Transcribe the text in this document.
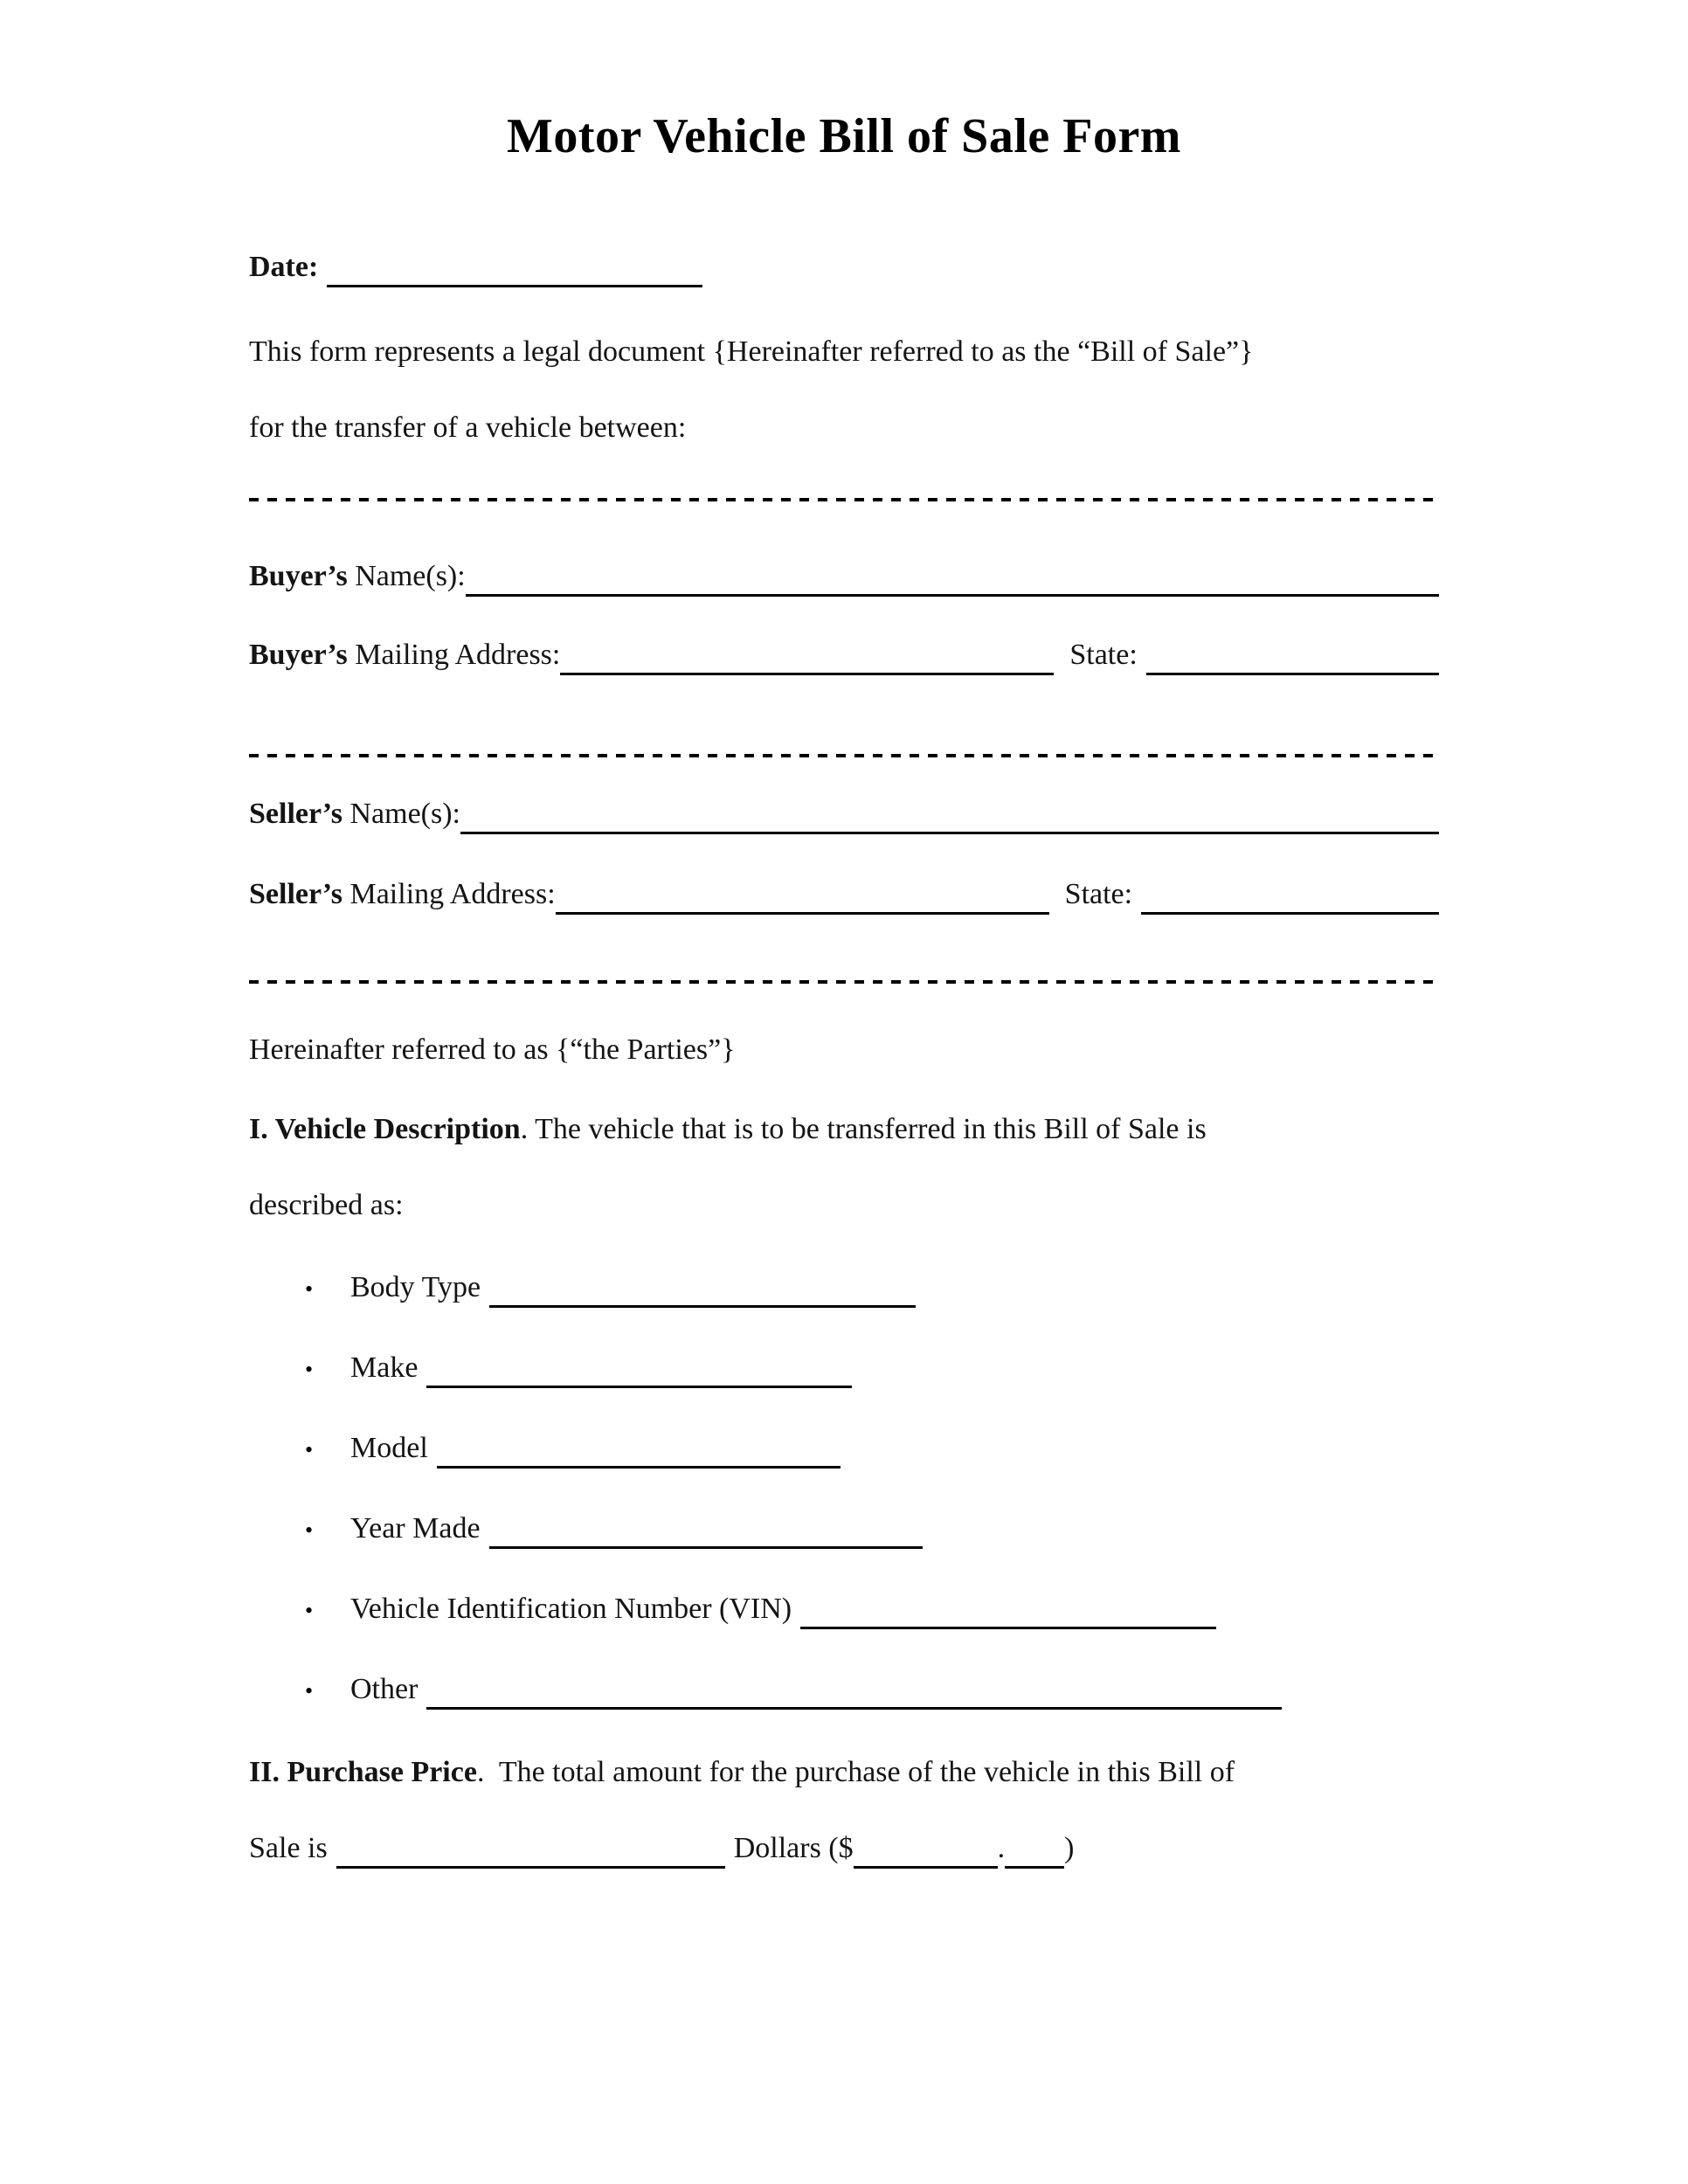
Motor Vehicle Bill of Sale Form
Date:
This form represents a legal document {Hereinafter referred to as the “Bill of Sale”}
for the transfer of a vehicle between:
Buyer’s Name(s):
Buyer’s Mailing Address:	State:
Seller’s Name(s):
Seller’s Mailing Address:	State:
Hereinafter referred to as {“the Parties”}
I. Vehicle Description. The vehicle that is to be transferred in this Bill of Sale is
described as:
•	Body Type
•	Make
•	Model
•	Year Made
•	Vehicle Identification Number (VIN)
•	Other
II. Purchase Price.  The total amount for the purchase of the vehicle in this Bill of
Sale is	Dollars ($	. )
